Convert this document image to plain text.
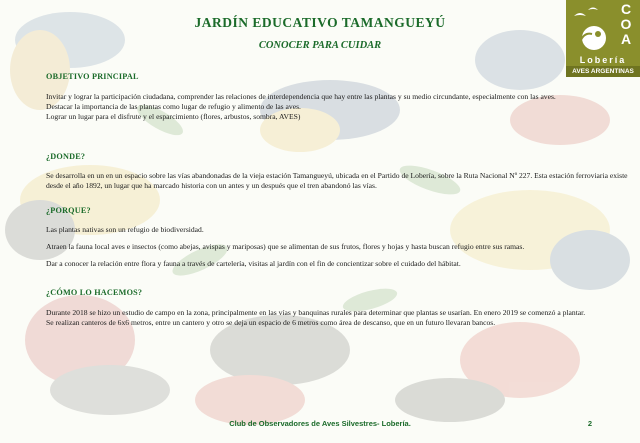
JARDÍN EDUCATIVO TAMANGUEYÚ
CONOCER PARA CUIDAR
C
O
A
Lobería
AVES ARGENTINAS
OBJETIVO PRINCIPAL

Invitar y lograr la participación ciudadana, comprender las relaciones de interdependencia que hay entre las plantas y su medio circundante, especialmente con las aves.

Destacar la importancia de las plantas como lugar de refugio y alimento de las aves.

Lograr un lugar para el disfrute y el esparcimiento (flores, arbustos, sombra, AVES)

¿DONDE?

Se desarrolla en un en un espacio sobre las vías abandonadas de la vieja estación Tamangueyú, ubicada en el Partido de Lobería, sobre la Ruta Nacional Nº 227. Esta estación ferroviaria existe desde el año 1892, un lugar que ha marcado historia con un antes y un después que el tren abandonó las vías.

¿PORQUE?

Las plantas nativas son un refugio de biodiversidad.

Atraen la fauna local aves e insectos (como abejas, avispas y mariposas) que se alimentan de sus frutos, flores y hojas y hasta buscan refugio entre sus ramas.

Dar a conocer la relación entre flora y fauna a través de cartelería, visitas al jardín con el fin de concientizar sobre el cuidado del hábitat.

¿CÓMO LO HACEMOS?

Durante 2018 se hizo un estudio de campo en la zona, principalmente en las vías y banquinas rurales para determinar que plantas se usarían. En enero 2019 se comenzó a plantar.

Se realizan canteros de 6x6 metros, entre un cantero y otro se deja un espacio de 6 metros como área de descanso, que en un futuro llevaran bancos.

Club de Observadores de Aves Silvestres- Lobería.	2
